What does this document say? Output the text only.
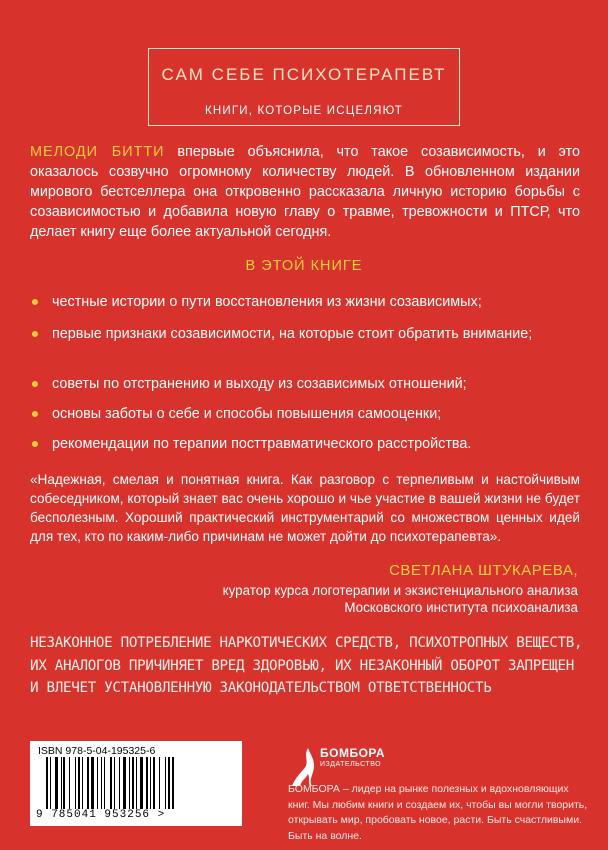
САМ СЕБЕ ПСИХОТЕРАПЕВТ
КНИГИ, КОТОРЫЕ ИСЦЕЛЯЮТ
МЕЛОДИ БИТТИ впервые объяснила, что такое созависимость, и это оказалось созвучно огромному количеству людей. В обновленном издании мирового бестселлера она откровенно рассказала личную историю борьбы с созависимостью и добавила новую главу о травме, тревожности и ПТСР, что делает книгу еще более актуальной сегодня.
В ЭТОЙ КНИГЕ
честные истории о пути восстановления из жизни созависимых;
первые признаки созависимости, на которые стоит обратить внимание;
советы по отстранению и выходу из созависимых отношений;
основы заботы о себе и способы повышения самооценки;
рекомендации по терапии посттравматического расстройства.
«Надежная, смелая и понятная книга. Как разговор с терпеливым и настойчивым собеседником, который знает вас очень хорошо и чье участие в вашей жизни не будет бесполезным. Хороший практический инструментарий со множеством ценных идей для тех, кто по каким-либо причинам не может дойти до психотерапевта».
СВЕТЛАНА ШТУКАРЕВА,
куратор курса логотерапии и экзистенциального анализа Московского института психоанализа
НЕЗАКОННОЕ ПОТРЕБЛЕНИЕ НАРКОТИЧЕСКИХ СРЕДСТВ, ПСИХОТРОПНЫХ ВЕЩЕСТВ, ИХ АНАЛОГОВ ПРИЧИНЯЕТ ВРЕД ЗДОРОВЬЮ, ИХ НЕЗАКОННЫЙ ОБОРОТ ЗАПРЕЩЕН И ВЛЕЧЕТ УСТАНОВЛЕННУЮ ЗАКОНОДАТЕЛЬСТВОМ ОТВЕТСТВЕННОСТЬ
ISBN 978-5-04-195325-6
9 785041 953256 >
БОМБОРА
ИЗДАТЕЛЬСТВО
БОМБОРА – лидер на рынке полезных и вдохновляющих книг. Мы любим книги и создаем их, чтобы вы могли творить, открывать мир, пробовать новое, расти. Быть счастливыми. Быть на волне.
